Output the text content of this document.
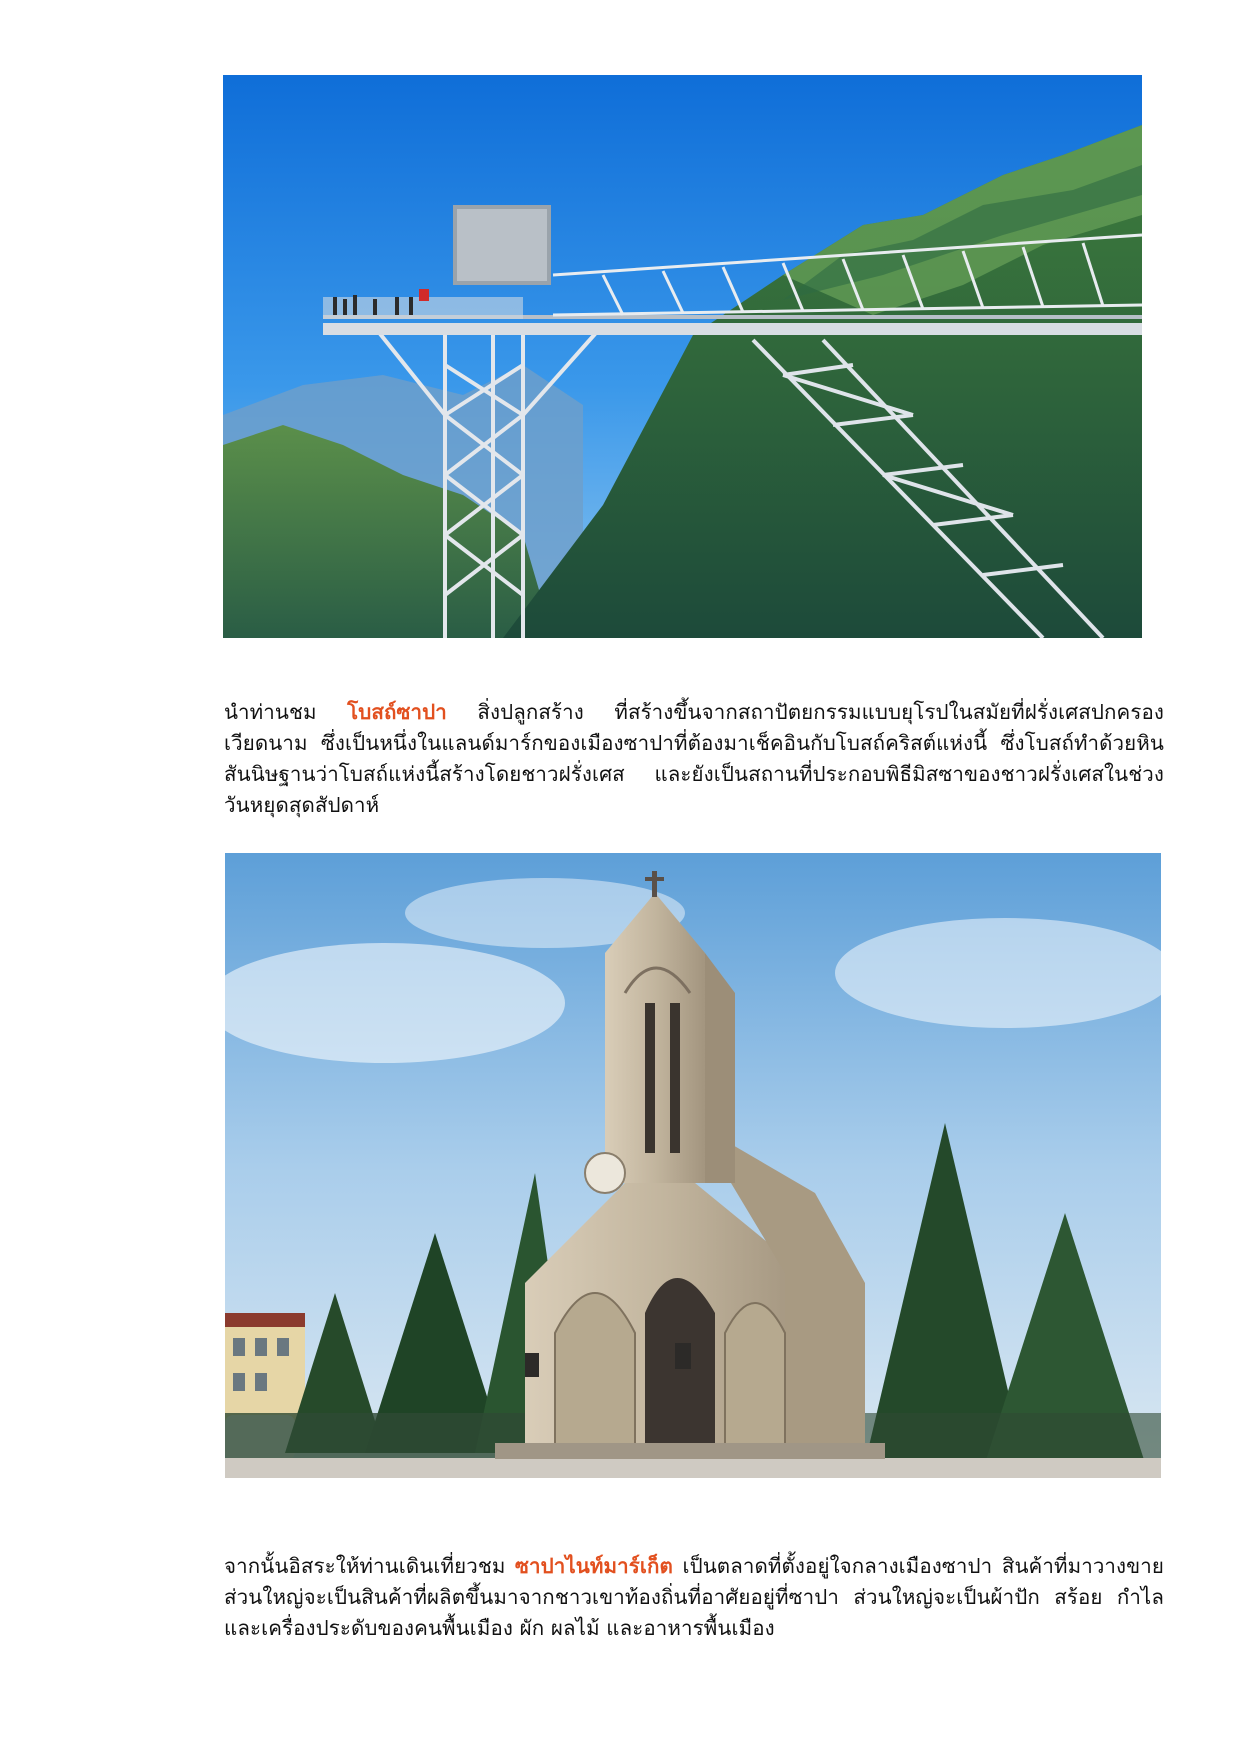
นำท่านชม โบสถ์ซาปา สิ่งปลูกสร้าง ที่สร้างขึ้นจากสถาปัตยกรรมแบบยุโรปในสมัยที่ฝรั่งเศสปกครองเวียดนาม ซึ่งเป็นหนึ่งในแลนด์มาร์กของเมืองซาปาที่ต้องมาเช็คอินกับโบสถ์คริสต์แห่งนี้ ซึ่งโบสถ์ทำด้วยหิน สันนิษฐานว่าโบสถ์แห่งนี้สร้างโดยชาวฝรั่งเศส และยังเป็นสถานที่ประกอบพิธีมิสซาของชาวฝรั่งเศสในช่วงวันหยุดสุดสัปดาห์

จากนั้นอิสระให้ท่านเดินเที่ยวชม ซาปาไนท์มาร์เก็ต เป็นตลาดที่ตั้งอยู่ใจกลางเมืองซาปา สินค้าที่มาวางขายส่วนใหญ่จะเป็นสินค้าที่ผลิตขึ้นมาจากชาวเขาท้องถิ่นที่อาศัยอยู่ที่ซาปา ส่วนใหญ่จะเป็นผ้าปัก สร้อย กำไล และเครื่องประดับของคนพื้นเมือง ผัก ผลไม้ และอาหารพื้นเมือง
